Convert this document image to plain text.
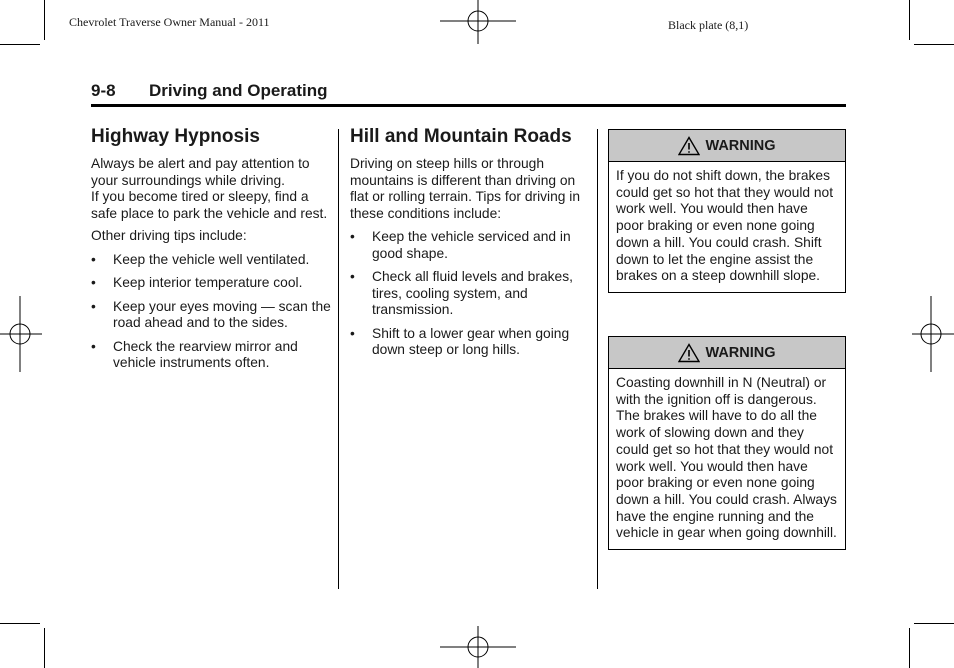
Chevrolet Traverse Owner Manual - 2011	Black plate (8,1)
9-8 Driving and Operating
Highway Hypnosis

Always be alert and pay attention to your surroundings while driving.

If you become tired or sleepy, find a safe place to park the vehicle and rest.

Other driving tips include:

• Keep the vehicle well ventilated.
• Keep interior temperature cool.
• Keep your eyes moving — scan the road ahead and to the sides.
• Check the rearview mirror and vehicle instruments often.
Hill and Mountain Roads

Driving on steep hills or through mountains is different than driving on flat or rolling terrain. Tips for driving in these conditions include:

• Keep the vehicle serviced and in good shape.
• Check all fluid levels and brakes, tires, cooling system, and transmission.
• Shift to a lower gear when going down steep or long hills.
WARNING
If you do not shift down, the brakes could get so hot that they would not work well. You would then have poor braking or even none going down a hill. You could crash. Shift down to let the engine assist the brakes on a steep downhill slope.
WARNING
Coasting downhill in N (Neutral) or with the ignition off is dangerous. The brakes will have to do all the work of slowing down and they could get so hot that they would not work well. You would then have poor braking or even none going down a hill. You could crash. Always have the engine running and the vehicle in gear when going downhill.
